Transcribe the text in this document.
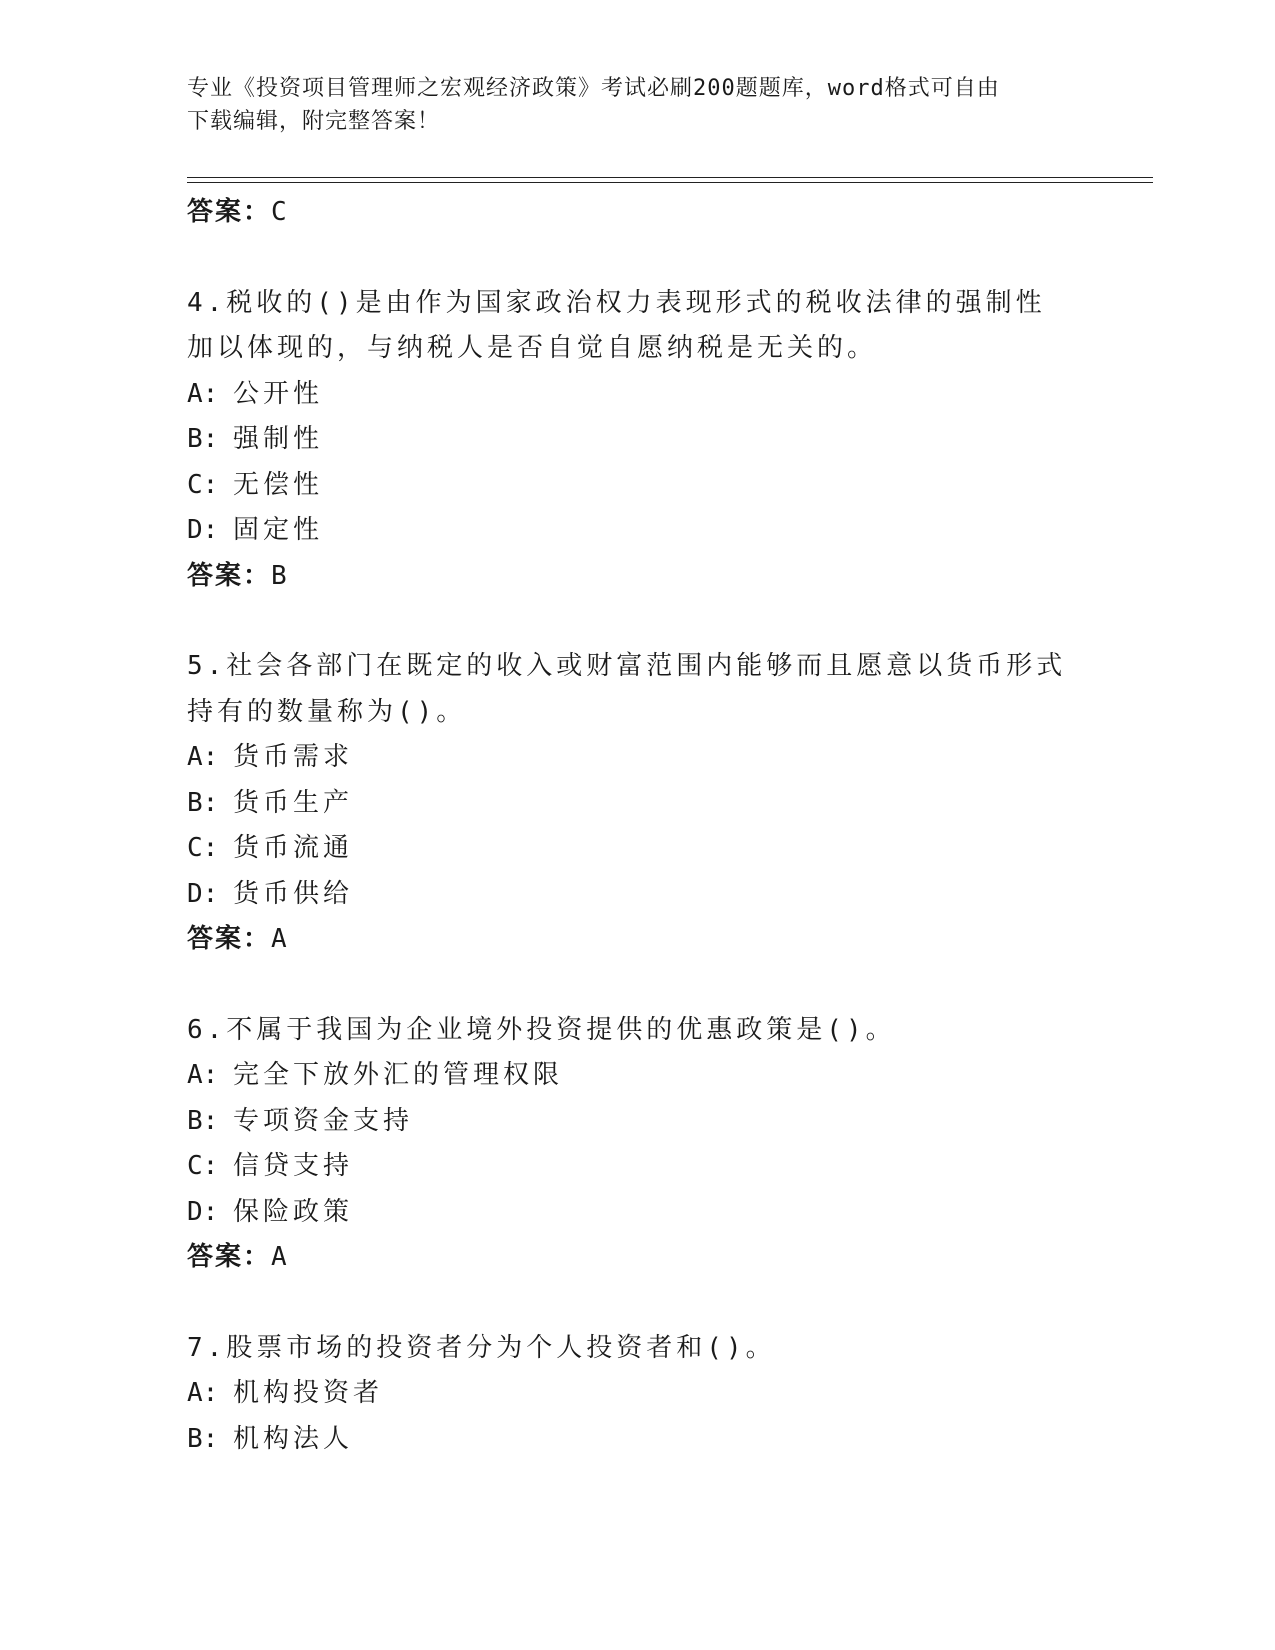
专业《投资项目管理师之宏观经济政策》考试必刷200题题库，word格式可自由
下载编辑，附完整答案！
答案：C
4.税收的()是由作为国家政治权力表现形式的税收法律的强制性加以体现的，与纳税人是否自觉自愿纳税是无关的。
A: 公开性
B: 强制性
C: 无偿性
D: 固定性
答案：B
5.社会各部门在既定的收入或财富范围内能够而且愿意以货币形式持有的数量称为()。
A: 货币需求
B: 货币生产
C: 货币流通
D: 货币供给
答案：A
6.不属于我国为企业境外投资提供的优惠政策是()。
A: 完全下放外汇的管理权限
B: 专项资金支持
C: 信贷支持
D: 保险政策
答案：A
7.股票市场的投资者分为个人投资者和()。
A: 机构投资者
B: 机构法人
